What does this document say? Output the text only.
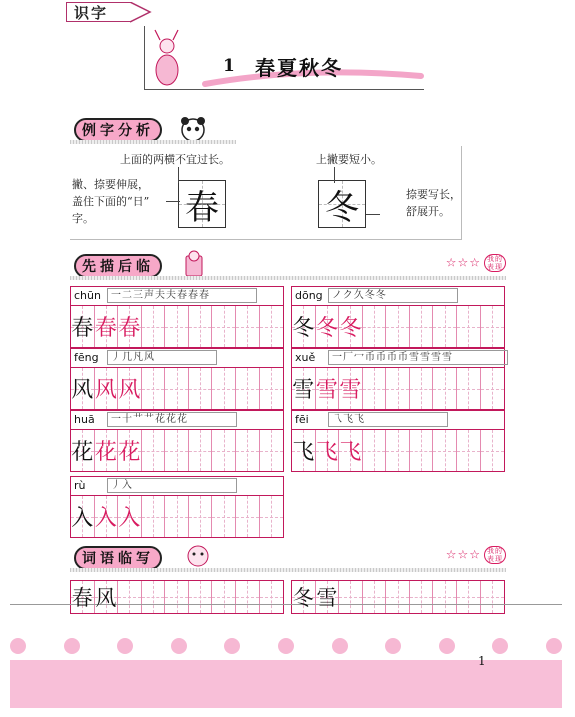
识字
1 春夏秋冬
例字分析
上面的两横不宜过长。
撇、捺要伸展，
盖住下面的“日”
字。	春
上撇要短小。
冬	捺要写长，
舒展开。
先描后临	☆☆☆ 我的表现
chūn	一二三声夫夫春春春
春 春 春
dōng ノク久冬冬
冬 冬 冬
fēng	丿几凡风
风 风 风
xuě	一厂冖币币币币雪雪雪雪
雪 雪 雪
huā	一十艹艹花花花
花 花 花
fēi	乁飞飞
飞 飞 飞
rù	丿入
入 入 入
词语临写	☆☆☆ 我的表现
春 风	冬 雪
1
